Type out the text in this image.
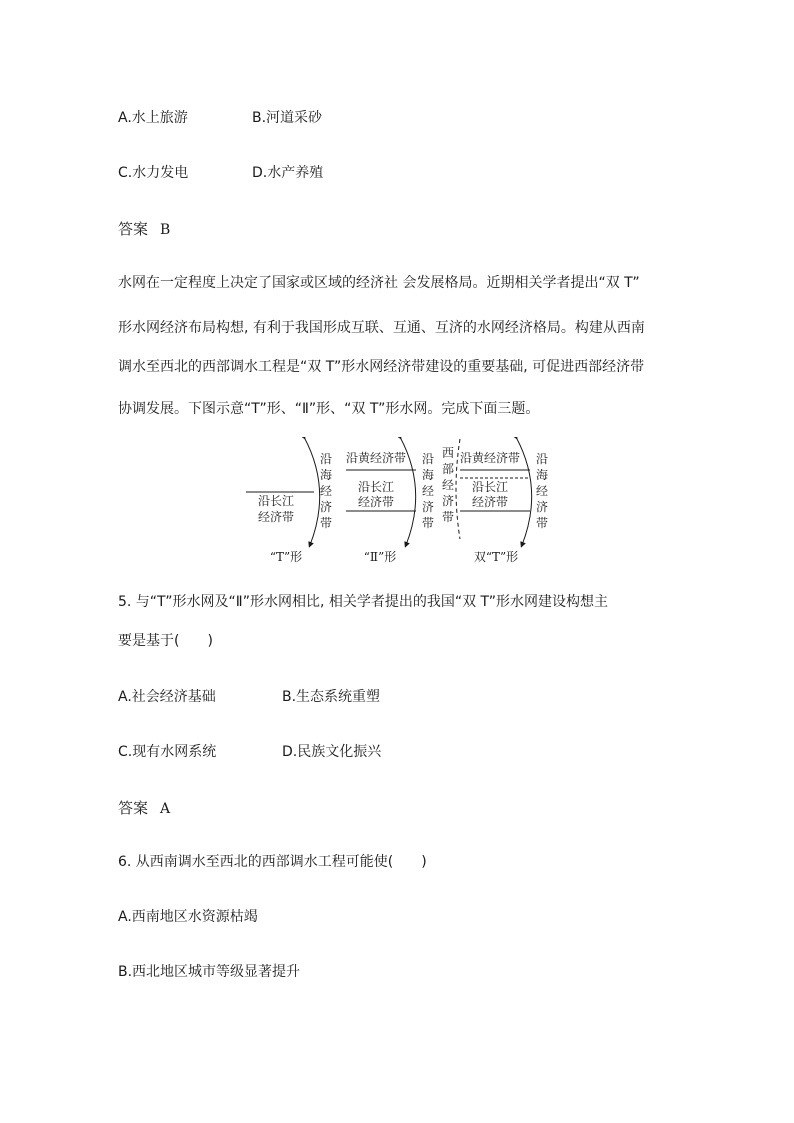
A.水上旅游	B.河道采砂
C.水力发电	D.水产养殖
答案 B
水网在一定程度上决定了国家或区域的经济社 会发展格局。近期相关学者提出“双 T”
形水网经济布局构想, 有利于我国形成互联、互通、互济的水网经济格局。构建从西南
调水至西北的西部调水工程是“双 T”形水网经济带建设的重要基础, 可促进西部经济带
协调发展。下图示意“T”形、“Ⅱ”形、“双 T”形水网。完成下面三题。
沿长江
经济带
沿
海
经
济
带
“T”形
沿黄经济带
沿长江
经济带
沿
海
经
济
带
“Ⅱ”形
西
部
经
济
带
沿黄经济带
沿长江
经济带
沿
海
经
济
带
双“T”形
5. 与“T”形水网及“Ⅱ”形水网相比, 相关学者提出的我国“双 T”形水网建设构想主
要是基于(　　)
A.社会经济基础	B.生态系统重塑
C.现有水网系统	D.民族文化振兴
答案 A
6. 从西南调水至西北的西部调水工程可能使(　　)
A.西南地区水资源枯竭
B.西北地区城市等级显著提升
